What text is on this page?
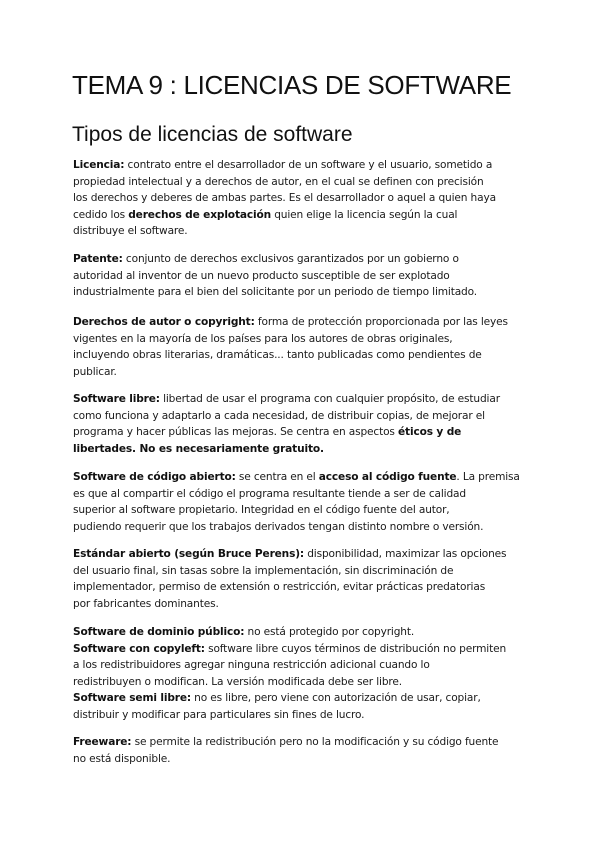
TEMA 9 : LICENCIAS DE SOFTWARE
Tipos de licencias de software

Licencia: contrato entre el desarrollador de un software y el usuario, sometido a
propiedad intelectual y a derechos de autor, en el cual se definen con precisión
los derechos y deberes de ambas partes. Es el desarrollador o aquel a quien haya
cedido los derechos de explotación quien elige la licencia según la cual
distribuye el software.

Patente: conjunto de derechos exclusivos garantizados por un gobierno o
autoridad al inventor de un nuevo producto susceptible de ser explotado
industrialmente para el bien del solicitante por un periodo de tiempo limitado.

Derechos de autor o copyright: forma de protección proporcionada por las leyes
vigentes en la mayoría de los países para los autores de obras originales,
incluyendo obras literarias, dramáticas... tanto publicadas como pendientes de
publicar.

Software libre: libertad de usar el programa con cualquier propósito, de estudiar
como funciona y adaptarlo a cada necesidad, de distribuir copias, de mejorar el
programa y hacer públicas las mejoras. Se centra en aspectos éticos y de
libertades. No es necesariamente gratuito.

Software de código abierto: se centra en el acceso al código fuente. La premisa
es que al compartir el código el programa resultante tiende a ser de calidad
superior al software propietario. Integridad en el código fuente del autor,
pudiendo requerir que los trabajos derivados tengan distinto nombre o versión.

Estándar abierto (según Bruce Perens): disponibilidad, maximizar las opciones
del usuario final, sin tasas sobre la implementación, sin discriminación de
implementador, permiso de extensión o restricción, evitar prácticas predatorias
por fabricantes dominantes.

Software de dominio público: no está protegido por copyright.
Software con copyleft: software libre cuyos términos de distribución no permiten
a los redistribuidores agregar ninguna restricción adicional cuando lo
redistribuyen o modifican. La versión modificada debe ser libre.
Software semi libre: no es libre, pero viene con autorización de usar, copiar,
distribuir y modificar para particulares sin fines de lucro.

Freeware: se permite la redistribución pero no la modificación y su código fuente
no está disponible.
